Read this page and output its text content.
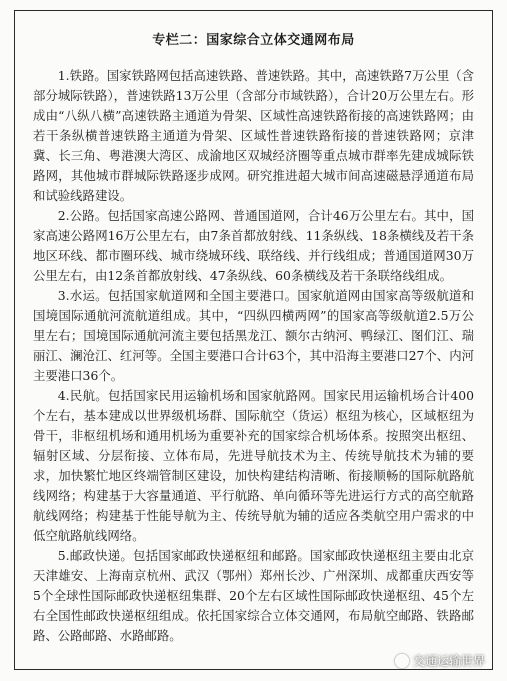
专栏二：国家综合立体交通网布局

1.铁路。国家铁路网包括高速铁路、普速铁路。其中，高速铁路7万公里（含部分城际铁路），普速铁路13万公里（含部分市域铁路），合计20万公里左右。形成由“八纵八横”高速铁路主通道为骨架、区域性高速铁路衔接的高速铁路网；由若干条纵横普速铁路主通道为骨架、区域性普速铁路衔接的普速铁路网；京津冀、长三角、粤港澳大湾区、成渝地区双城经济圈等重点城市群率先建成城际铁路网，其他城市群城际铁路逐步成网。研究推进超大城市间高速磁悬浮通道布局和试验线路建设。

2.公路。包括国家高速公路网、普通国道网，合计46万公里左右。其中，国家高速公路网16万公里左右，由7条首都放射线、11条纵线、18条横线及若干条地区环线、都市圈环线、城市绕城环线、联络线、并行线组成；普通国道网30万公里左右，由12条首都放射线、47条纵线、60条横线及若干条联络线组成。

3.水运。包括国家航道网和全国主要港口。国家航道网由国家高等级航道和国境国际通航河流航道组成。其中，“四纵四横两网”的国家高等级航道2.5万公里左右；国境国际通航河流主要包括黑龙江、额尔古纳河、鸭绿江、图们江、瑞丽江、澜沧江、红河等。全国主要港口合计63个，其中沿海主要港口27个、内河主要港口36个。

4.民航。包括国家民用运输机场和国家航路网。国家民用运输机场合计400个左右，基本建成以世界级机场群、国际航空（货运）枢纽为核心，区域枢纽为骨干，非枢纽机场和通用机场为重要补充的国家综合机场体系。按照突出枢纽、辐射区域、分层衔接、立体布局，先进导航技术为主、传统导航技术为辅的要求，加快繁忙地区终端管制区建设，加快构建结构清晰、衔接顺畅的国际航路航线网络；构建基于大容量通道、平行航路、单向循环等先进运行方式的高空航路航线网络；构建基于性能导航为主、传统导航为辅的适应各类航空用户需求的中低空航路航线网络。

5.邮政快递。包括国家邮政快递枢纽和邮路。国家邮政快递枢纽主要由北京天津雄安、上海南京杭州、武汉（鄂州）郑州长沙、广州深圳、成都重庆西安等5个全球性国际邮政快递枢纽集群、20个左右区域性国际邮政快递枢纽、45个左右全国性邮政快递枢纽组成。依托国家综合立体交通网，布局航空邮路、铁路邮路、公路邮路、水路邮路。

交通运输世界
